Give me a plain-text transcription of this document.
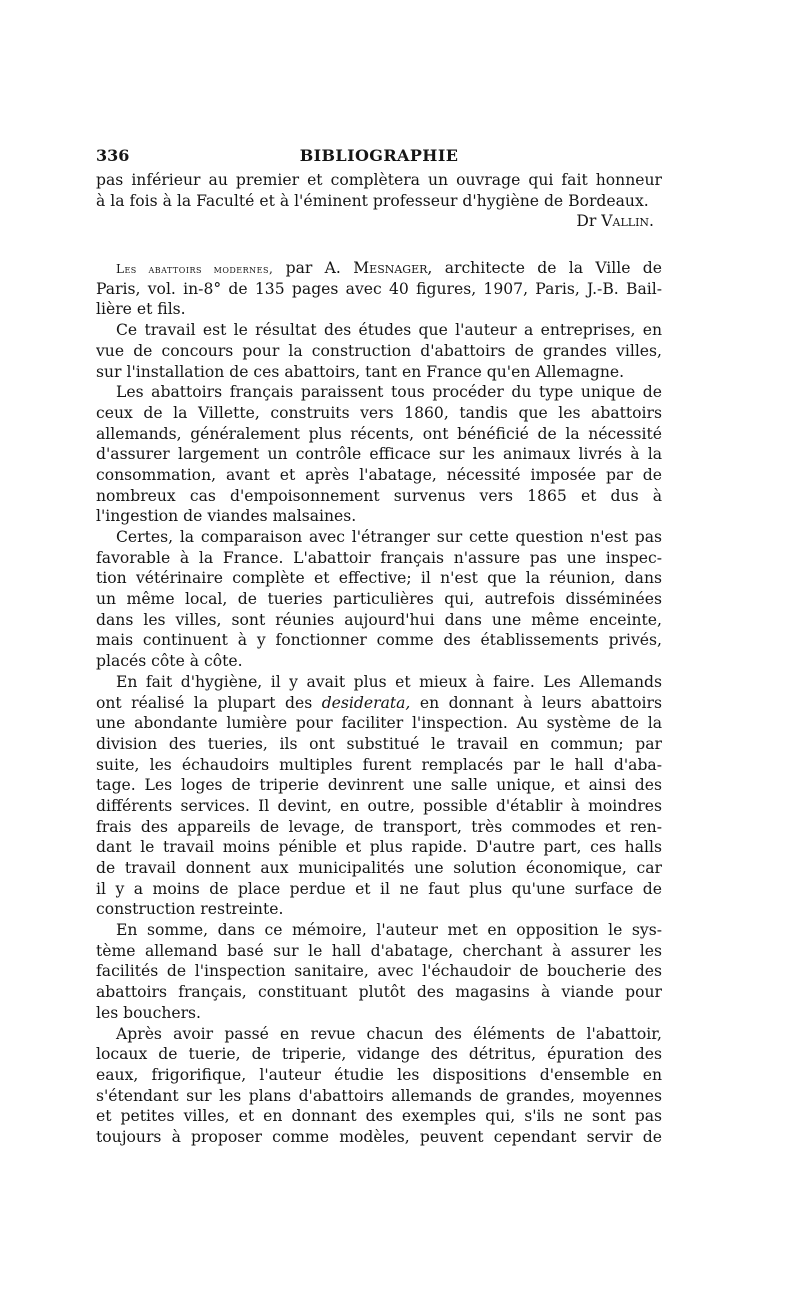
336	BIBLIOGRAPHIE
pas inférieur au premier et complètera un ouvrage qui fait honneur
à la fois à la Faculté et à l'éminent professeur d'hygiène de Bordeaux.
Dr Vallin.
Les abattoirs modernes, par A. Mesnager, architecte de la Ville de
Paris, vol. in-8° de 135 pages avec 40 figures, 1907, Paris, J.-B. Bail-
lière et fils.
Ce travail est le résultat des études que l'auteur a entreprises, en
vue de concours pour la construction d'abattoirs de grandes villes,
sur l'installation de ces abattoirs, tant en France qu'en Allemagne.
Les abattoirs français paraissent tous procéder du type unique de
ceux de la Villette, construits vers 1860, tandis que les abattoirs
allemands, généralement plus récents, ont bénéficié de la nécessité
d'assurer largement un contrôle efficace sur les animaux livrés à la
consommation, avant et après l'abatage, nécessité imposée par de
nombreux cas d'empoisonnement survenus vers 1865 et dus à
l'ingestion de viandes malsaines.
Certes, la comparaison avec l'étranger sur cette question n'est pas
favorable à la France. L'abattoir français n'assure pas une inspec-
tion vétérinaire complète et effective; il n'est que la réunion, dans
un même local, de tueries particulières qui, autrefois disséminées
dans les villes, sont réunies aujourd'hui dans une même enceinte,
mais continuent à y fonctionner comme des établissements privés,
placés côte à côte.
En fait d'hygiène, il y avait plus et mieux à faire. Les Allemands
ont réalisé la plupart des desiderata, en donnant à leurs abattoirs
une abondante lumière pour faciliter l'inspection. Au système de la
division des tueries, ils ont substitué le travail en commun; par
suite, les échaudoirs multiples furent remplacés par le hall d'aba-
tage. Les loges de triperie devinrent une salle unique, et ainsi des
différents services. Il devint, en outre, possible d'établir à moindres
frais des appareils de levage, de transport, très commodes et ren-
dant le travail moins pénible et plus rapide. D'autre part, ces halls
de travail donnent aux municipalités une solution économique, car
il y a moins de place perdue et il ne faut plus qu'une surface de
construction restreinte.
En somme, dans ce mémoire, l'auteur met en opposition le sys-
tème allemand basé sur le hall d'abatage, cherchant à assurer les
facilités de l'inspection sanitaire, avec l'échaudoir de boucherie des
abattoirs français, constituant plutôt des magasins à viande pour
les bouchers.
Après avoir passé en revue chacun des éléments de l'abattoir,
locaux de tuerie, de triperie, vidange des détritus, épuration des
eaux, frigorifique, l'auteur étudie les dispositions d'ensemble en
s'étendant sur les plans d'abattoirs allemands de grandes, moyennes
et petites villes, et en donnant des exemples qui, s'ils ne sont pas
toujours à proposer comme modèles, peuvent cependant servir de
